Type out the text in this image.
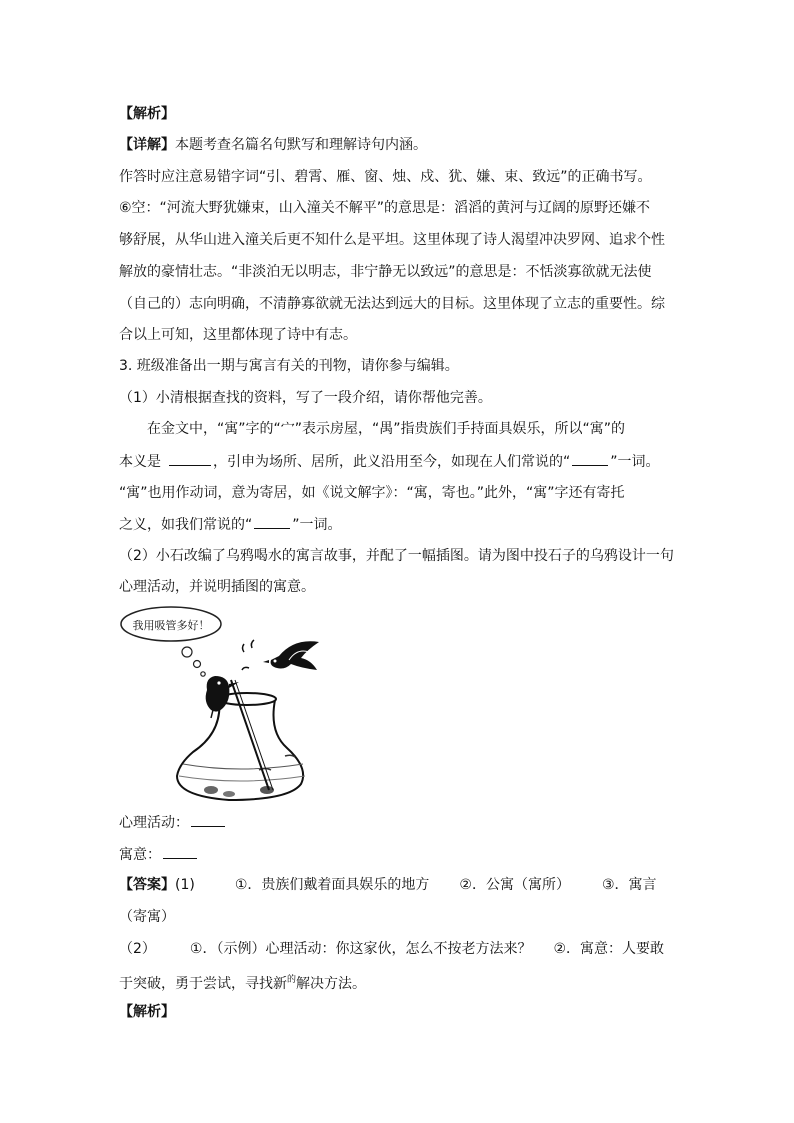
【解析】
【详解】本题考查名篇名句默写和理解诗句内涵。
作答时应注意易错字词“引、碧霄、雁、窗、烛、戍、犹、嫌、束、致远”的正确书写。
⑥空：“河流大野犹嫌束，山入潼关不解平”的意思是：滔滔的黄河与辽阔的原野还嫌不
够舒展，从华山进入潼关后更不知什么是平坦。这里体现了诗人渴望冲决罗网、追求个性
解放的豪情壮志。“非淡泊无以明志，非宁静无以致远”的意思是：不恬淡寡欲就无法使
（自己的）志向明确，不清静寡欲就无法达到远大的目标。这里体现了立志的重要性。综
合以上可知，这里都体现了诗中有志。
3. 班级准备出一期与寓言有关的刊物，请你参与编辑。
（1）小清根据查找的资料，写了一段介绍，请你帮他完善。
在金文中，“寓”字的“宀”表示房屋，“禺”指贵族们手持面具娱乐，所以“寓”的
本义是	，引申为场所、居所，此义沿用至今，如现在人们常说的“	”一词。
“寓”也用作动词，意为寄居，如《说文解字》：“寓，寄也。”此外，“寓”字还有寄托
之义，如我们常说的“	”一词。
（2）小石改编了乌鸦喝水的寓言故事，并配了一幅插图。请为图中投石子的乌鸦设计一句
心理活动，并说明插图的寓意。
我用吸管多好！
心理活动：
寓意：
【答案】(1)	①．贵族们戴着面具娱乐的地方 ②．公寓（寓所） ③．寓言
（寄寓）
（2） ①．（示例）心理活动：你这家伙，怎么不按老方法来？ ②．寓意：人要敢
于突破，勇于尝试，寻找新$^的$解决方法。
【解析】
